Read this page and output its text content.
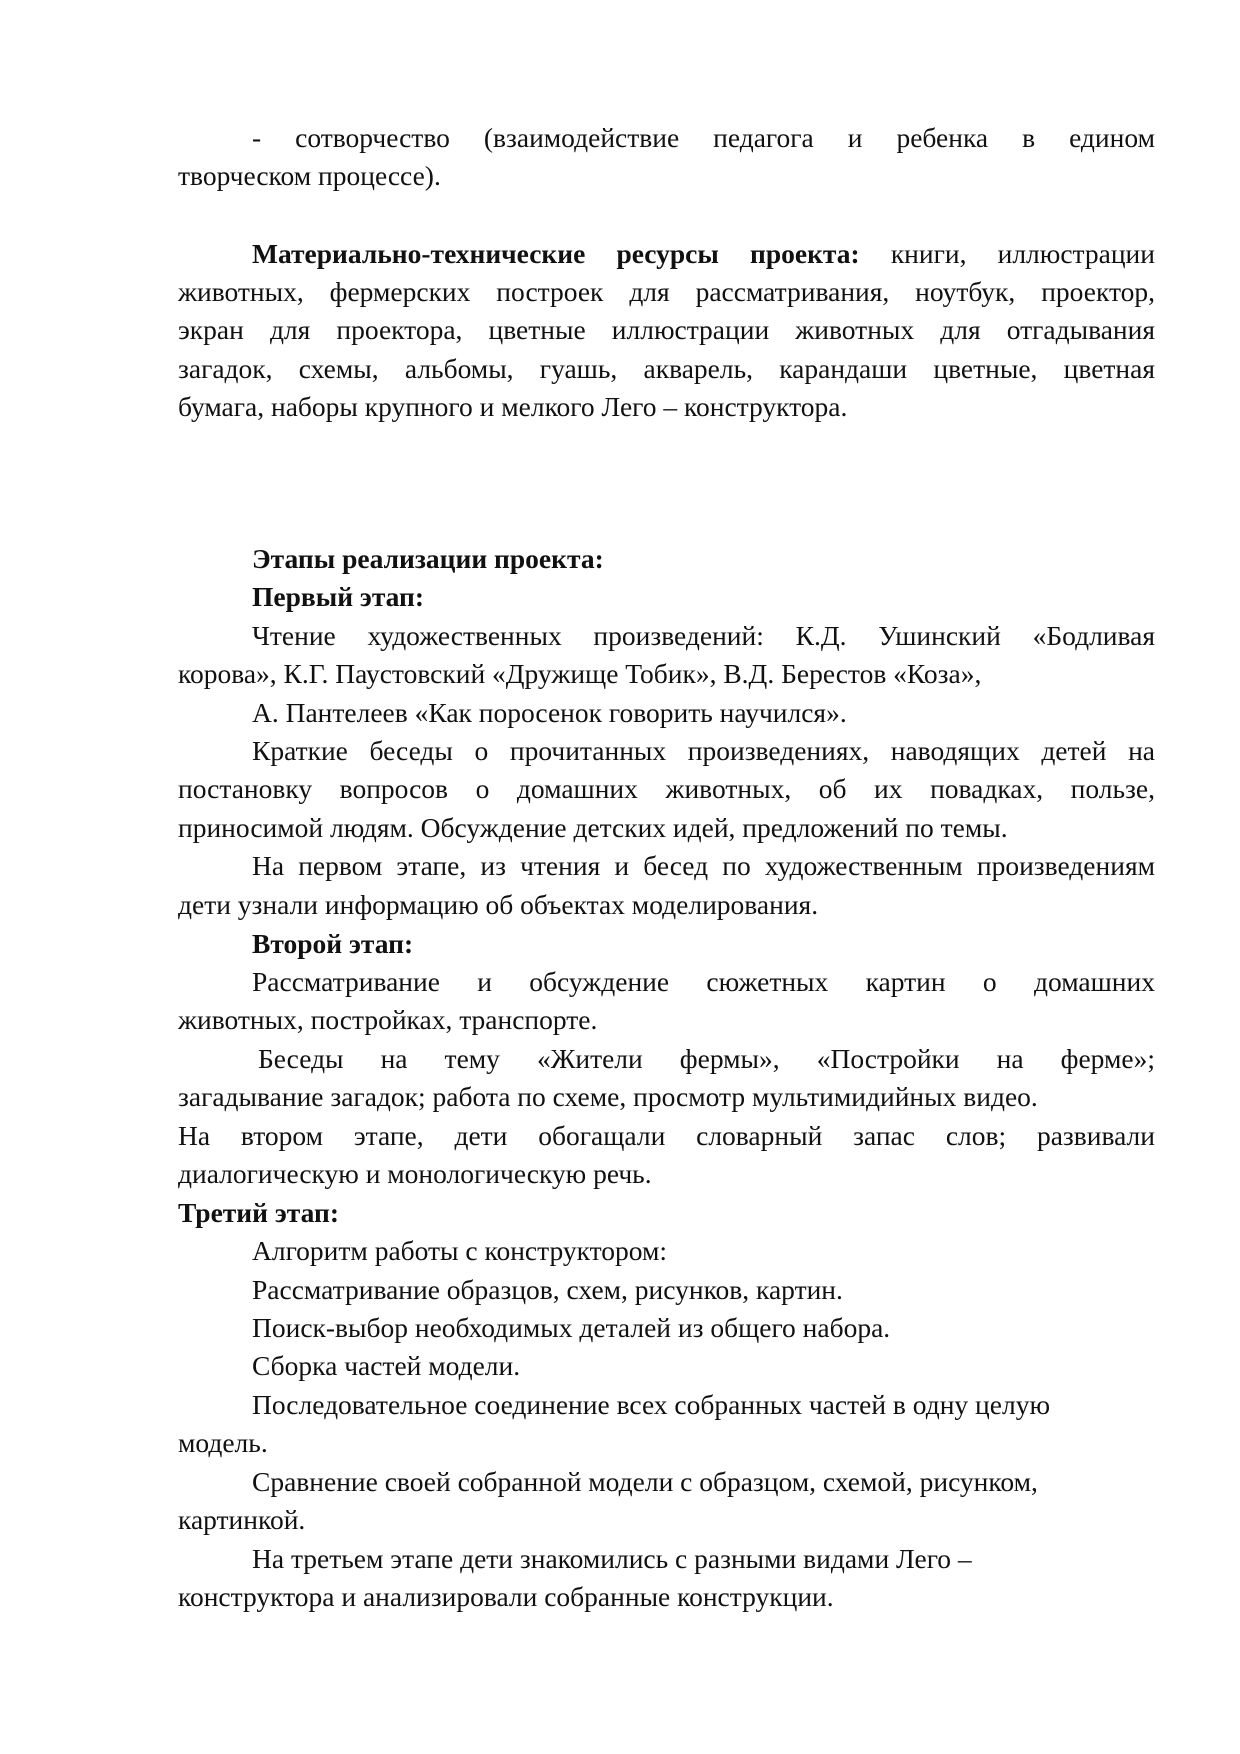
- сотворчество (взаимодействие педагога и ребенка в едином
творческом процессе).
Материально-технические ресурсы проекта: книги, иллюстрации
животных, фермерских построек для рассматривания, ноутбук, проектор,
экран для проектора, цветные иллюстрации животных для отгадывания
загадок, схемы, альбомы, гуашь, акварель, карандаши цветные, цветная
бумага, наборы крупного и мелкого Лего – конструктора.
Этапы реализации проекта:
Первый этап:
Чтение художественных произведений: К.Д. Ушинский «Бодливая
корова», К.Г. Паустовский «Дружище Тобик», В.Д. Берестов «Коза»,
А. Пантелеев «Как поросенок говорить научился».
Краткие беседы о прочитанных произведениях, наводящих детей на
постановку вопросов о домашних животных, об их повадках, пользе,
приносимой людям. Обсуждение детских идей, предложений по темы.
На первом этапе, из чтения и бесед по художественным произведениям
дети узнали информацию об объектах моделирования.
Второй этап:
Рассматривание и обсуждение сюжетных картин о домашних
животных, постройках, транспорте.
Беседы на тему «Жители фермы», «Постройки на ферме»;
загадывание загадок; работа по схеме, просмотр мультимидийных видео.
На втором этапе, дети обогащали словарный запас слов; развивали
диалогическую и монологическую речь.
Третий этап:
Алгоритм работы с конструктором:
Рассматривание образцов, схем, рисунков, картин.
Поиск-выбор необходимых деталей из общего набора.
Сборка частей модели.
Последовательное соединение всех собранных частей в одну целую
модель.
Сравнение своей собранной модели с образцом, схемой, рисунком,
картинкой.
На третьем этапе дети знакомились с разными видами Лего –
конструктора и анализировали собранные конструкции.
